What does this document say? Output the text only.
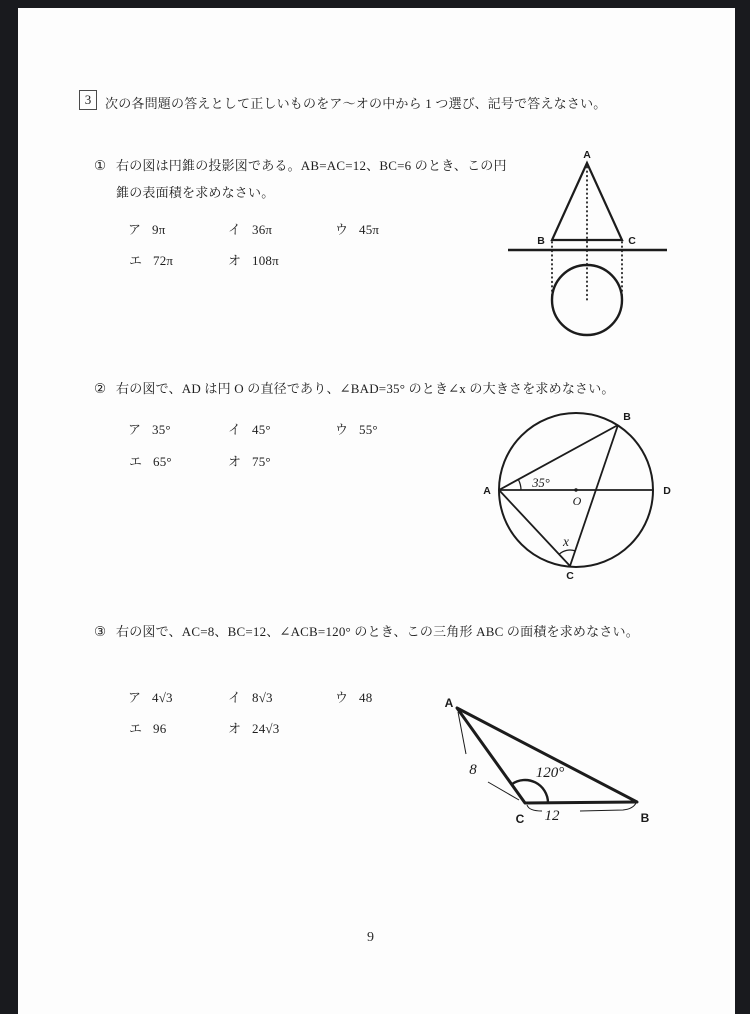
3	次の各問題の答えとして正しいものをア～オの中から 1 つ選び、記号で答えなさい。
① 右の図は円錐の投影図である。AB=AC=12、BC=6 のとき、この円
錐の表面積を求めなさい。
ア 9π	イ 36π	ウ 45π
エ 72π	オ 108π
A
B	C
② 右の図で、AD は円 O の直径であり、∠BAD=35° のとき∠x の大きさを求めなさい。
ア 35°	イ 45°	ウ 55°
エ 65°	オ 75°
A
B
C
D
O
35°
x
③ 右の図で、AC=8、BC=12、∠ACB=120° のとき、この三角形 ABC の面積を求めなさい。
ア 4√3	イ 8√3	ウ 48
エ 96	オ 24√3
A
C	B
8	120°
12
9
